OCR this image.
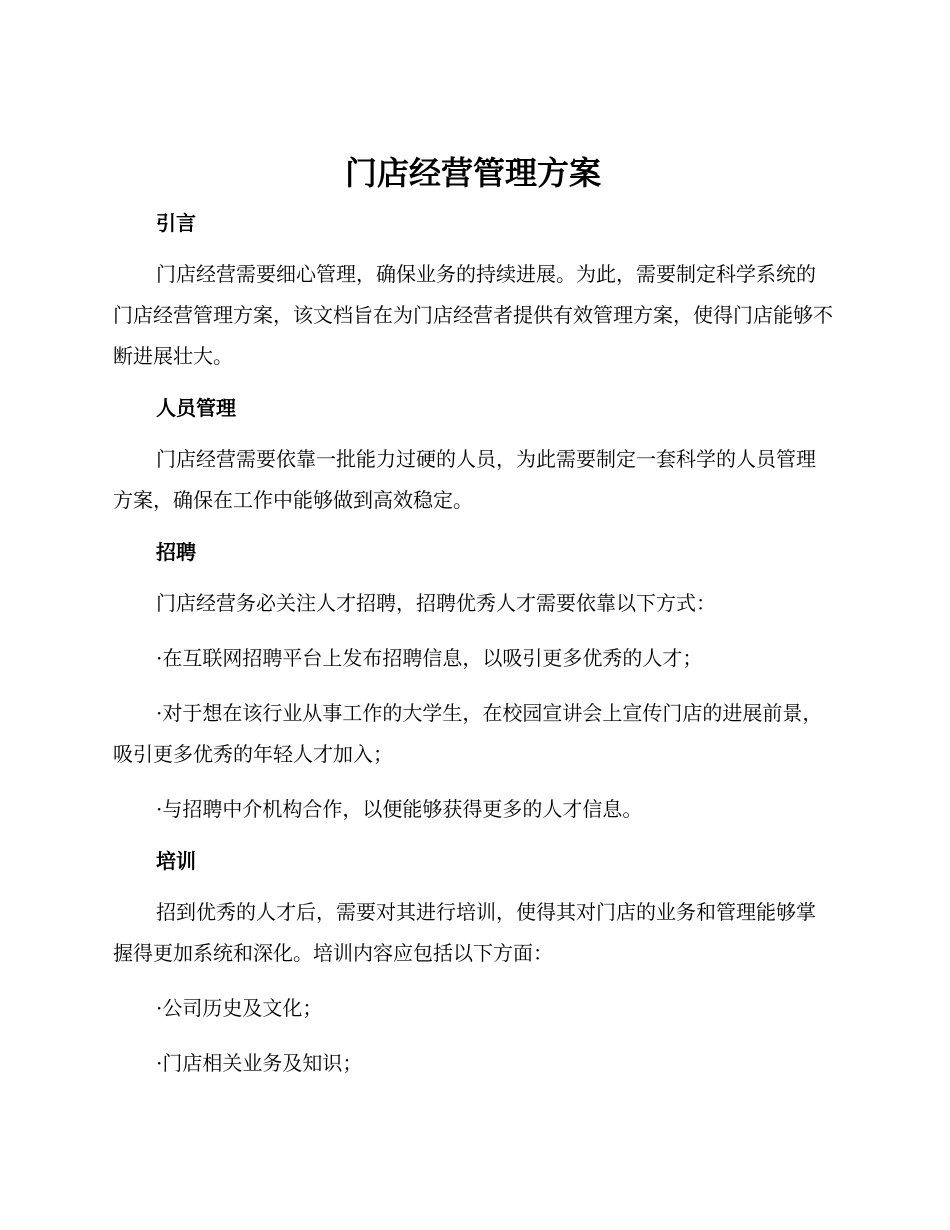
门店经营管理方案
引言

门店经营需要细心管理，确保业务的持续进展。为此，需要制定科学系统的门店经营管理方案，该文档旨在为门店经营者提供有效管理方案，使得门店能够不断进展壮大。

人员管理

门店经营需要依靠一批能力过硬的人员，为此需要制定一套科学的人员管理方案，确保在工作中能够做到高效稳定。

招聘

门店经营务必关注人才招聘，招聘优秀人才需要依靠以下方式：

·在互联网招聘平台上发布招聘信息，以吸引更多优秀的人才；

·对于想在该行业从事工作的大学生，在校园宣讲会上宣传门店的进展前景，吸引更多优秀的年轻人才加入；

·与招聘中介机构合作，以便能够获得更多的人才信息。

培训

招到优秀的人才后，需要对其进行培训，使得其对门店的业务和管理能够掌握得更加系统和深化。培训内容应包括以下方面：

·公司历史及文化；

·门店相关业务及知识；
